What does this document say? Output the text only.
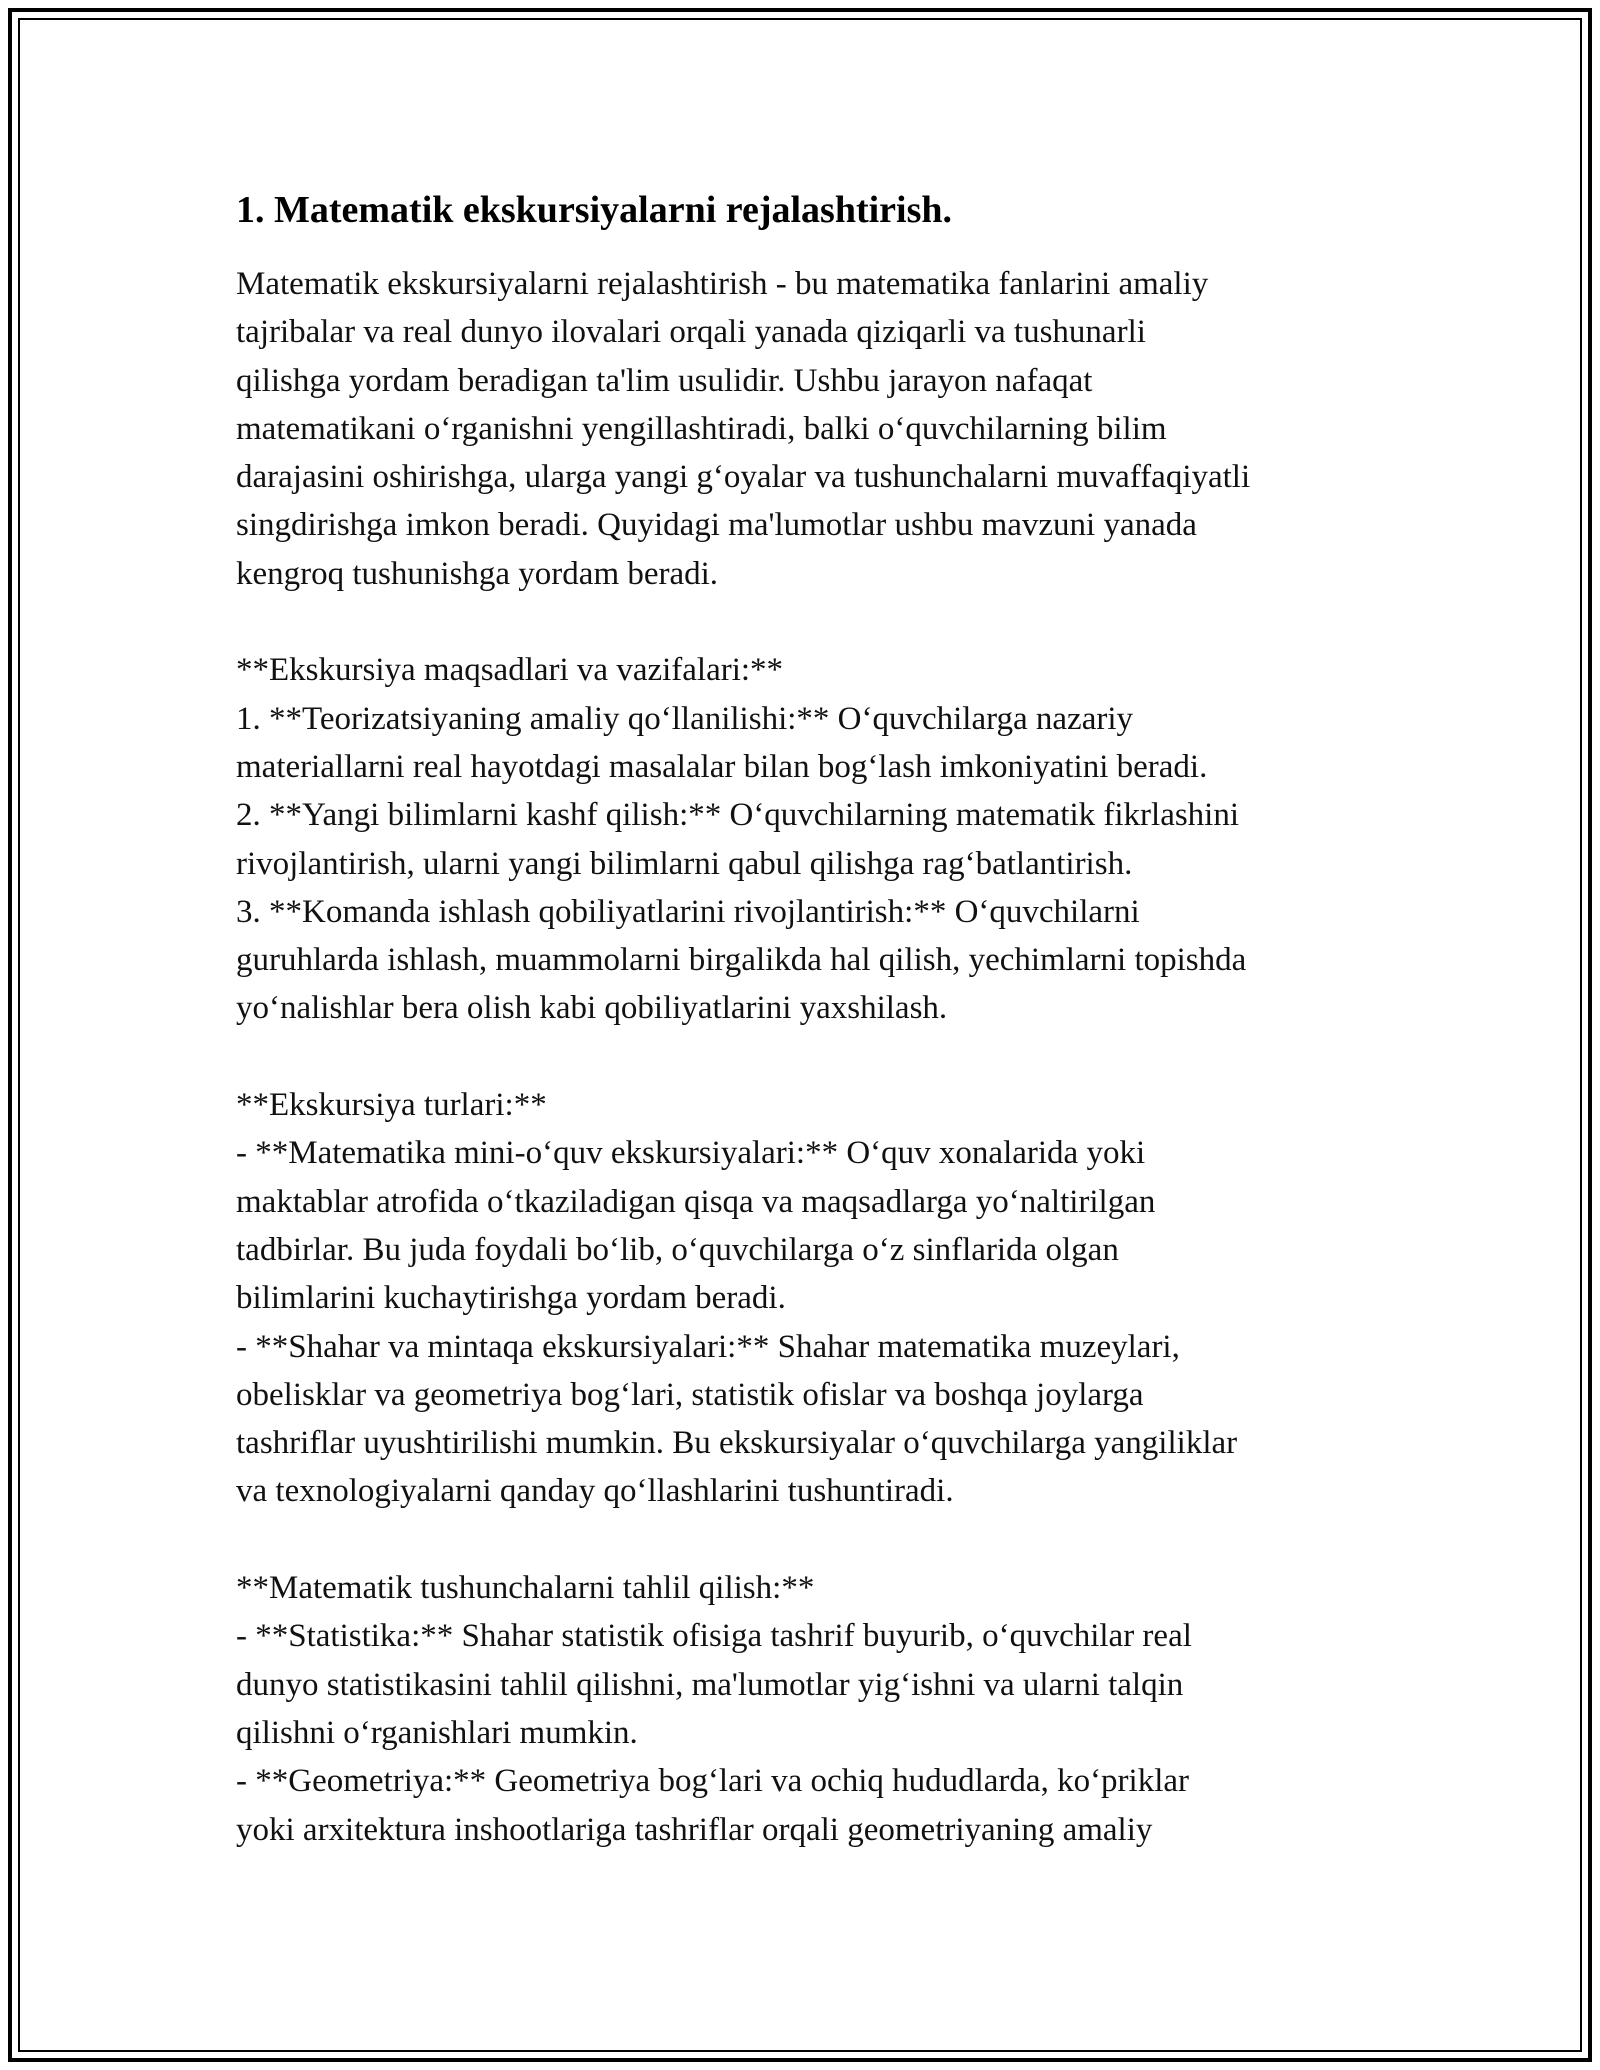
1. Matematik ekskursiyalarni rejalashtirish.

Matematik ekskursiyalarni rejalashtirish - bu matematika fanlarini amaliy
tajribalar va real dunyo ilovalari orqali yanada qiziqarli va tushunarli
qilishga yordam beradigan ta'lim usulidir. Ushbu jarayon nafaqat
matematikani o‘rganishni yengillashtiradi, balki o‘quvchilarning bilim
darajasini oshirishga, ularga yangi g‘oyalar va tushunchalarni muvaffaqiyatli
singdirishga imkon beradi. Quyidagi ma'lumotlar ushbu mavzuni yanada
kengroq tushunishga yordam beradi.

**Ekskursiya maqsadlari va vazifalari:**
1. **Teorizatsiyaning amaliy qo‘llanilishi:** O‘quvchilarga nazariy
materiallarni real hayotdagi masalalar bilan bog‘lash imkoniyatini beradi.
2. **Yangi bilimlarni kashf qilish:** O‘quvchilarning matematik fikrlashini
rivojlantirish, ularni yangi bilimlarni qabul qilishga rag‘batlantirish.
3. **Komanda ishlash qobiliyatlarini rivojlantirish:** O‘quvchilarni
guruhlarda ishlash, muammolarni birgalikda hal qilish, yechimlarni topishda
yo‘nalishlar bera olish kabi qobiliyatlarini yaxshilash.

**Ekskursiya turlari:**
- **Matematika mini-o‘quv ekskursiyalari:** O‘quv xonalarida yoki
maktablar atrofida o‘tkaziladigan qisqa va maqsadlarga yo‘naltirilgan
tadbirlar. Bu juda foydali bo‘lib, o‘quvchilarga o‘z sinflarida olgan
bilimlarini kuchaytirishga yordam beradi.
- **Shahar va mintaqa ekskursiyalari:** Shahar matematika muzeylari,
obelisklar va geometriya bog‘lari, statistik ofislar va boshqa joylarga
tashriflar uyushtirilishi mumkin. Bu ekskursiyalar o‘quvchilarga yangiliklar
va texnologiyalarni qanday qo‘llashlarini tushuntiradi.

**Matematik tushunchalarni tahlil qilish:**
- **Statistika:** Shahar statistik ofisiga tashrif buyurib, o‘quvchilar real
dunyo statistikasini tahlil qilishni, ma'lumotlar yig‘ishni va ularni talqin
qilishni o‘rganishlari mumkin.
- **Geometriya:** Geometriya bog‘lari va ochiq hududlarda, ko‘priklar
yoki arxitektura inshootlariga tashriflar orqali geometriyaning amaliy
